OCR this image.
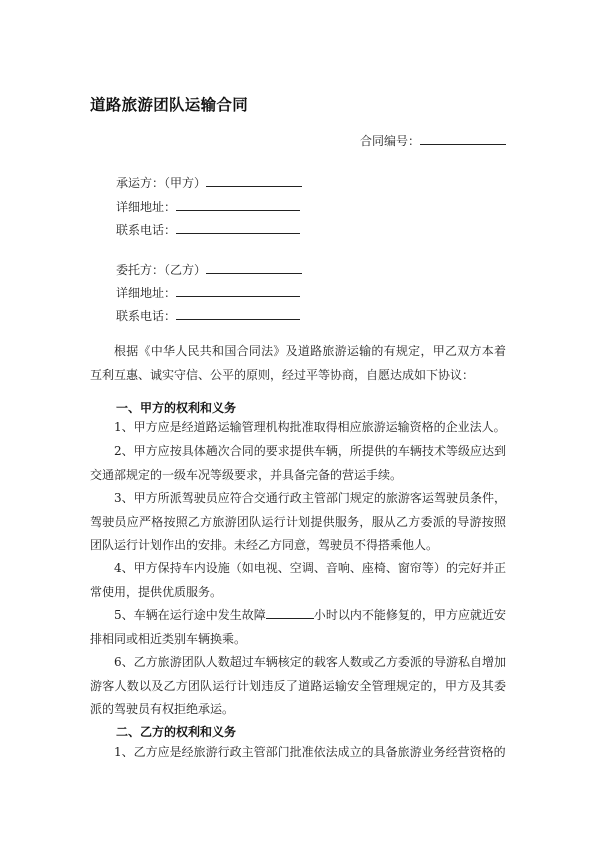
道路旅游团队运输合同
合同编号：
承运方：（甲方）
详细地址：
联系电话：
委托方：（乙方）
详细地址：
联系电话：

根据《中华人民共和国合同法》及道路旅游运输的有规定，甲乙双方本着互利互惠、诚实守信、公平的原则，经过平等协商，自愿达成如下协议：

一、甲方的权利和义务

1、甲方应是经道路运输管理机构批准取得相应旅游运输资格的企业法人。

2、甲方应按具体趟次合同的要求提供车辆，所提供的车辆技术等级应达到交通部规定的一级车况等级要求，并具备完备的营运手续。

3、甲方所派驾驶员应符合交通行政主管部门规定的旅游客运驾驶员条件，驾驶员应严格按照乙方旅游团队运行计划提供服务，服从乙方委派的导游按照团队运行计划作出的安排。未经乙方同意，驾驶员不得搭乘他人。

4、甲方保持车内设施（如电视、空调、音响、座椅、窗帘等）的完好并正常使用，提供优质服务。

5、车辆在运行途中发生故障	小时以内不能修复的，甲方应就近安排相同或相近类别车辆换乘。

6、乙方旅游团队人数超过车辆核定的载客人数或乙方委派的导游私自增加游客人数以及乙方团队运行计划违反了道路运输安全管理规定的，甲方及其委派的驾驶员有权拒绝承运。

二、乙方的权利和义务

1、乙方应是经旅游行政主管部门批准依法成立的具备旅游业务经营资格的
